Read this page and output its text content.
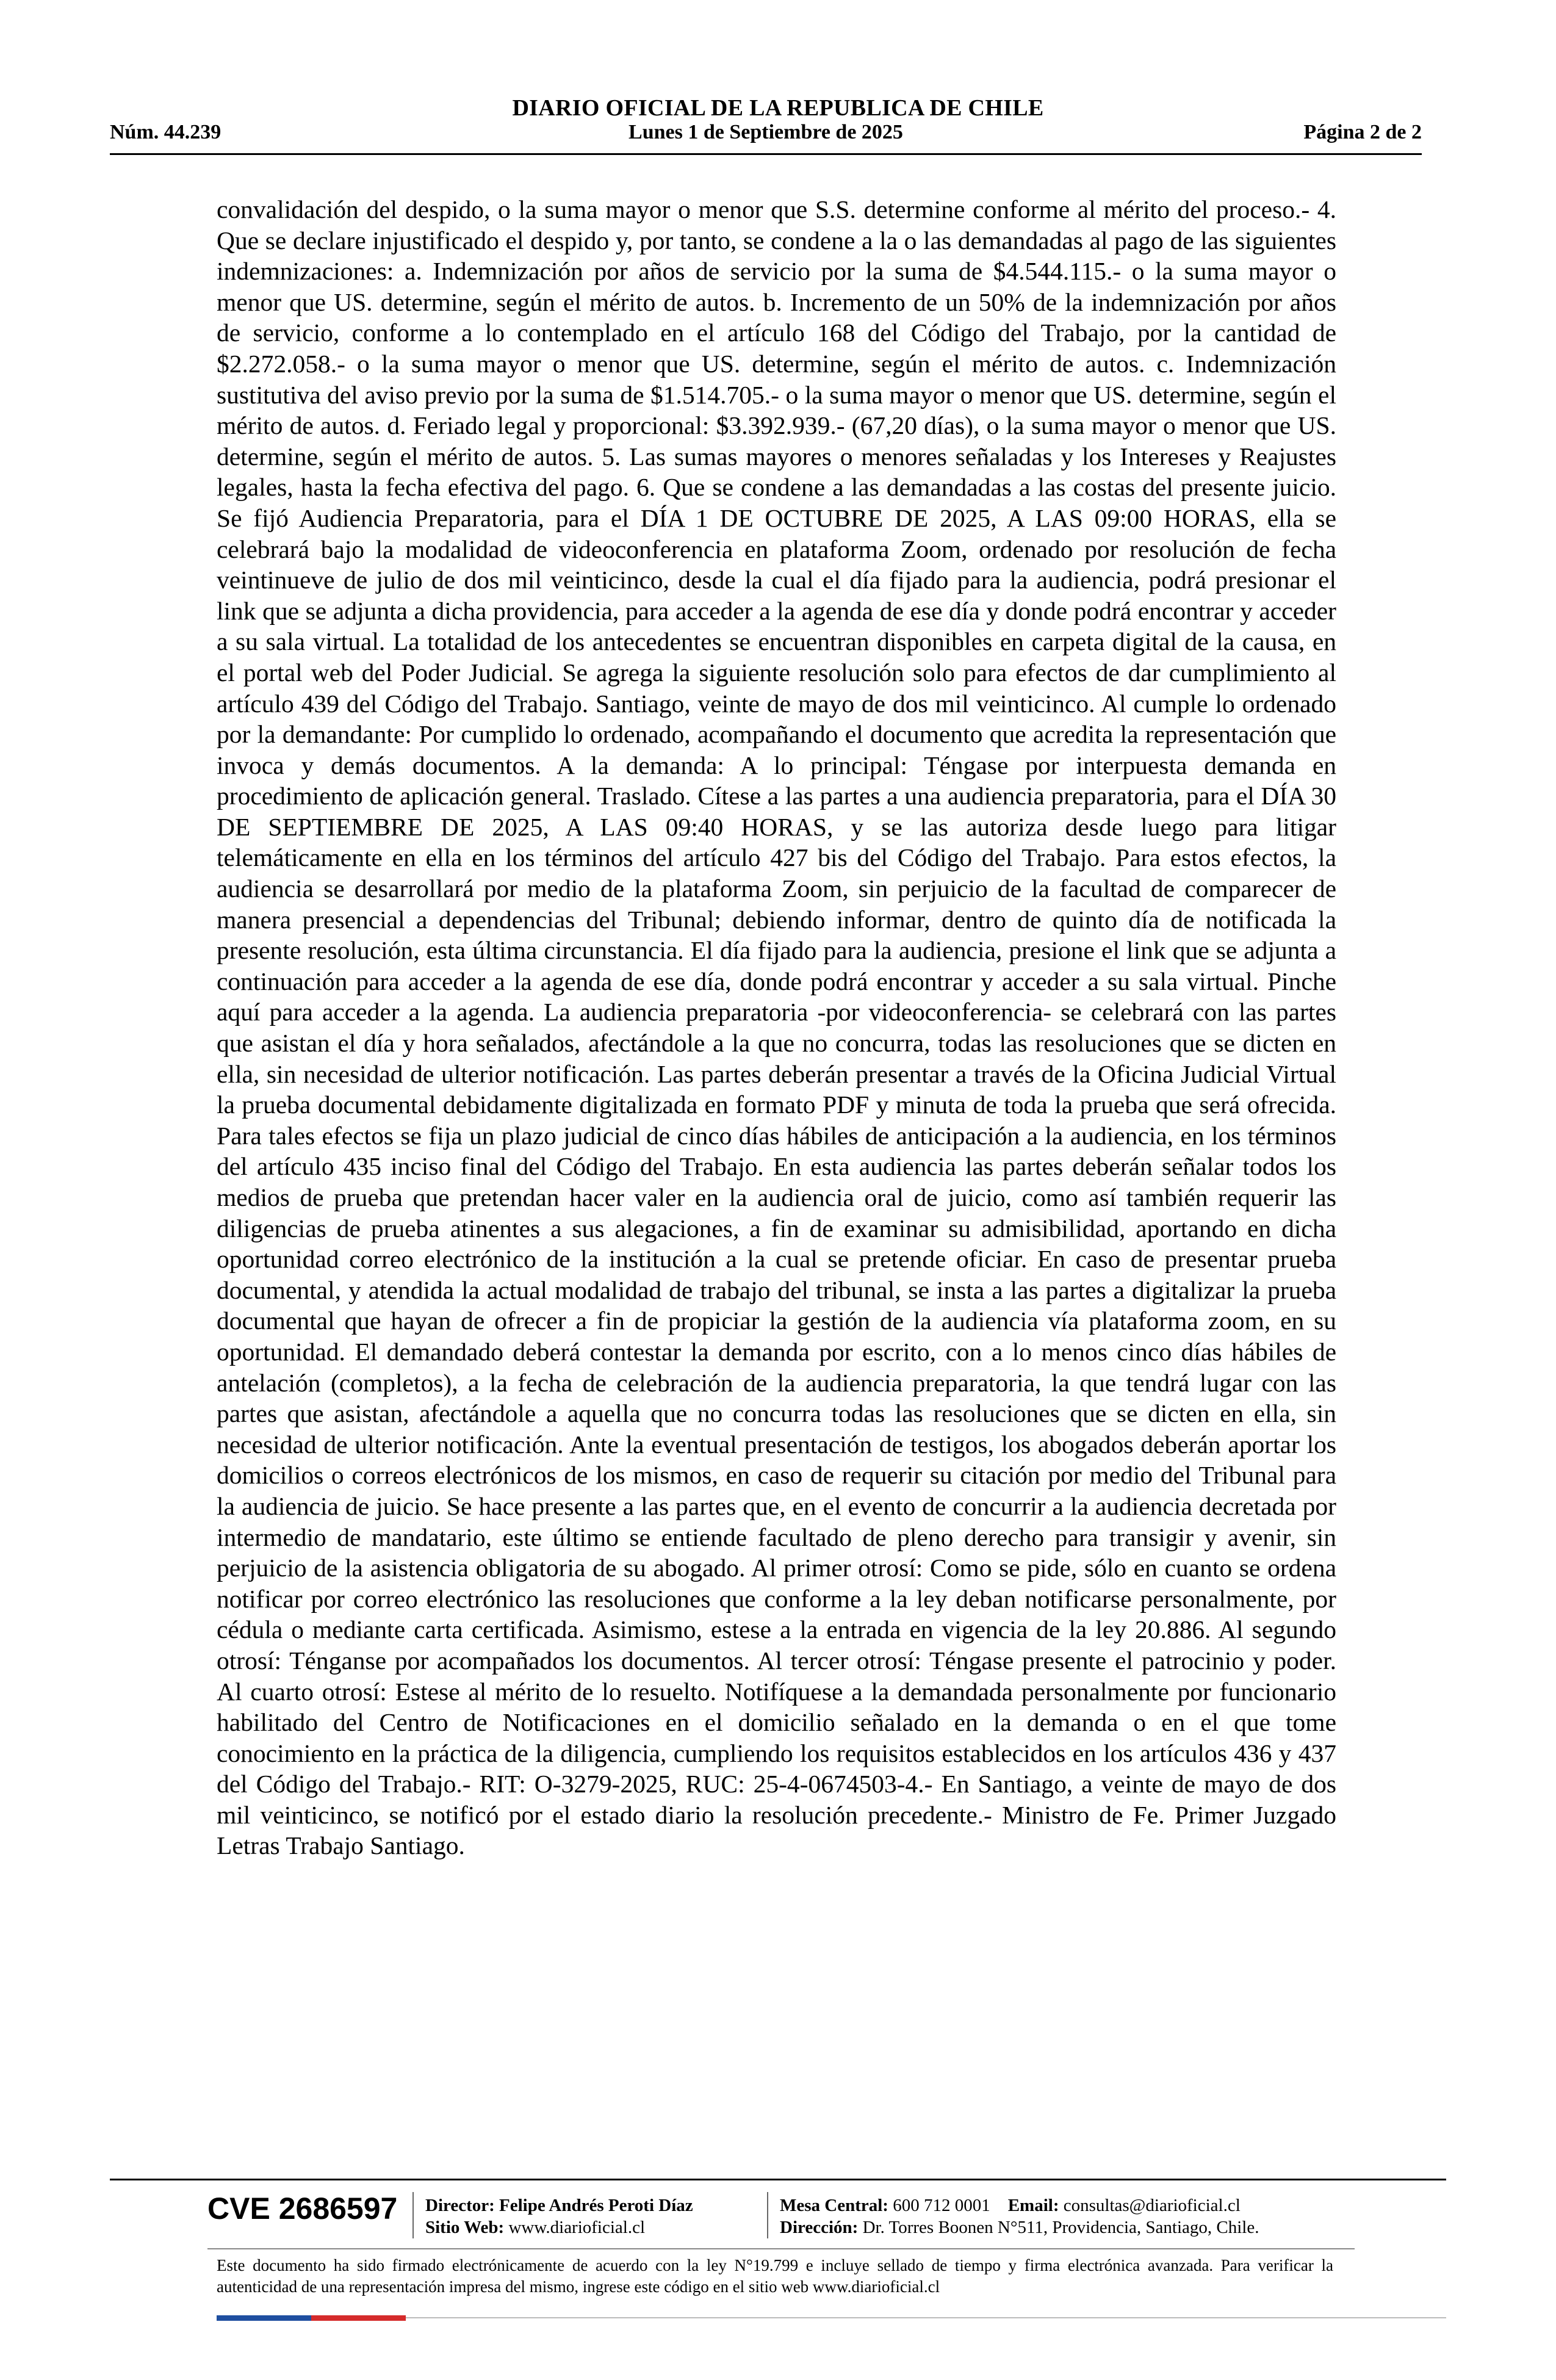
DIARIO OFICIAL DE LA REPUBLICA DE CHILE
Núm. 44.239	Lunes 1 de Septiembre de 2025	Página 2 de 2
convalidación del despido, o la suma mayor o menor que S.S. determine conforme al mérito del proceso.- 4. Que se declare injustificado el despido y, por tanto, se condene a la o las demandadas al pago de las siguientes indemnizaciones: a. Indemnización por años de servicio por la suma de $4.544.115.- o la suma mayor o menor que US. determine, según el mérito de autos. b. Incremento de un 50% de la indemnización por años de servicio, conforme a lo contemplado en el artículo 168 del Código del Trabajo, por la cantidad de $2.272.058.- o la suma mayor o menor que US. determine, según el mérito de autos. c. Indemnización sustitutiva del aviso previo por la suma de $1.514.705.- o la suma mayor o menor que US. determine, según el mérito de autos. d. Feriado legal y proporcional: $3.392.939.- (67,20 días), o la suma mayor o menor que US. determine, según el mérito de autos. 5. Las sumas mayores o menores señaladas y los Intereses y Reajustes legales, hasta la fecha efectiva del pago. 6. Que se condene a las demandadas a las costas del presente juicio. Se fijó Audiencia Preparatoria, para el DÍA 1 DE OCTUBRE DE 2025, A LAS 09:00 HORAS, ella se celebrará bajo la modalidad de videoconferencia en plataforma Zoom, ordenado por resolución de fecha veintinueve de julio de dos mil veinticinco, desde la cual el día fijado para la audiencia, podrá presionar el link que se adjunta a dicha providencia, para acceder a la agenda de ese día y donde podrá encontrar y acceder a su sala virtual. La totalidad de los antecedentes se encuentran disponibles en carpeta digital de la causa, en el portal web del Poder Judicial. Se agrega la siguiente resolución solo para efectos de dar cumplimiento al artículo 439 del Código del Trabajo. Santiago, veinte de mayo de dos mil veinticinco. Al cumple lo ordenado por la demandante: Por cumplido lo ordenado, acompañando el documento que acredita la representación que invoca y demás documentos. A la demanda: A lo principal: Téngase por interpuesta demanda en procedimiento de aplicación general. Traslado. Cítese a las partes a una audiencia preparatoria, para el DÍA 30 DE SEPTIEMBRE DE 2025, A LAS 09:40 HORAS, y se las autoriza desde luego para litigar telemáticamente en ella en los términos del artículo 427 bis del Código del Trabajo. Para estos efectos, la audiencia se desarrollará por medio de la plataforma Zoom, sin perjuicio de la facultad de comparecer de manera presencial a dependencias del Tribunal; debiendo informar, dentro de quinto día de notificada la presente resolución, esta última circunstancia. El día fijado para la audiencia, presione el link que se adjunta a continuación para acceder a la agenda de ese día, donde podrá encontrar y acceder a su sala virtual. Pinche aquí para acceder a la agenda. La audiencia preparatoria -por videoconferencia- se celebrará con las partes que asistan el día y hora señalados, afectándole a la que no concurra, todas las resoluciones que se dicten en ella, sin necesidad de ulterior notificación. Las partes deberán presentar a través de la Oficina Judicial Virtual la prueba documental debidamente digitalizada en formato PDF y minuta de toda la prueba que será ofrecida. Para tales efectos se fija un plazo judicial de cinco días hábiles de anticipación a la audiencia, en los términos del artículo 435 inciso final del Código del Trabajo. En esta audiencia las partes deberán señalar todos los medios de prueba que pretendan hacer valer en la audiencia oral de juicio, como así también requerir las diligencias de prueba atinentes a sus alegaciones, a fin de examinar su admisibilidad, aportando en dicha oportunidad correo electrónico de la institución a la cual se pretende oficiar. En caso de presentar prueba documental, y atendida la actual modalidad de trabajo del tribunal, se insta a las partes a digitalizar la prueba documental que hayan de ofrecer a fin de propiciar la gestión de la audiencia vía plataforma zoom, en su oportunidad. El demandado deberá contestar la demanda por escrito, con a lo menos cinco días hábiles de antelación (completos), a la fecha de celebración de la audiencia preparatoria, la que tendrá lugar con las partes que asistan, afectándole a aquella que no concurra todas las resoluciones que se dicten en ella, sin necesidad de ulterior notificación. Ante la eventual presentación de testigos, los abogados deberán aportar los domicilios o correos electrónicos de los mismos, en caso de requerir su citación por medio del Tribunal para la audiencia de juicio. Se hace presente a las partes que, en el evento de concurrir a la audiencia decretada por intermedio de mandatario, este último se entiende facultado de pleno derecho para transigir y avenir, sin perjuicio de la asistencia obligatoria de su abogado. Al primer otrosí: Como se pide, sólo en cuanto se ordena notificar por correo electrónico las resoluciones que conforme a la ley deban notificarse personalmente, por cédula o mediante carta certificada. Asimismo, estese a la entrada en vigencia de la ley 20.886. Al segundo otrosí: Ténganse por acompañados los documentos. Al tercer otrosí: Téngase presente el patrocinio y poder. Al cuarto otrosí: Estese al mérito de lo resuelto. Notifíquese a la demandada personalmente por funcionario habilitado del Centro de Notificaciones en el domicilio señalado en la demanda o en el que tome conocimiento en la práctica de la diligencia, cumpliendo los requisitos establecidos en los artículos 436 y 437 del Código del Trabajo.- RIT: O-3279-2025, RUC: 25-4-0674503-4.- En Santiago, a veinte de mayo de dos mil veinticinco, se notificó por el estado diario la resolución precedente.- Ministro de Fe. Primer Juzgado Letras Trabajo Santiago.
CVE 2686597 Director: Felipe Andrés Peroti Díaz
Sitio Web: www.diarioficial.cl
Mesa Central: 600 712 0001 Email: consultas@diarioficial.cl
Dirección: Dr. Torres Boonen N°511, Providencia, Santiago, Chile.
Este documento ha sido firmado electrónicamente de acuerdo con la ley N°19.799 e incluye sellado de tiempo y firma electrónica avanzada. Para verificar la autenticidad de una representación impresa del mismo, ingrese este código en el sitio web www.diarioficial.cl
